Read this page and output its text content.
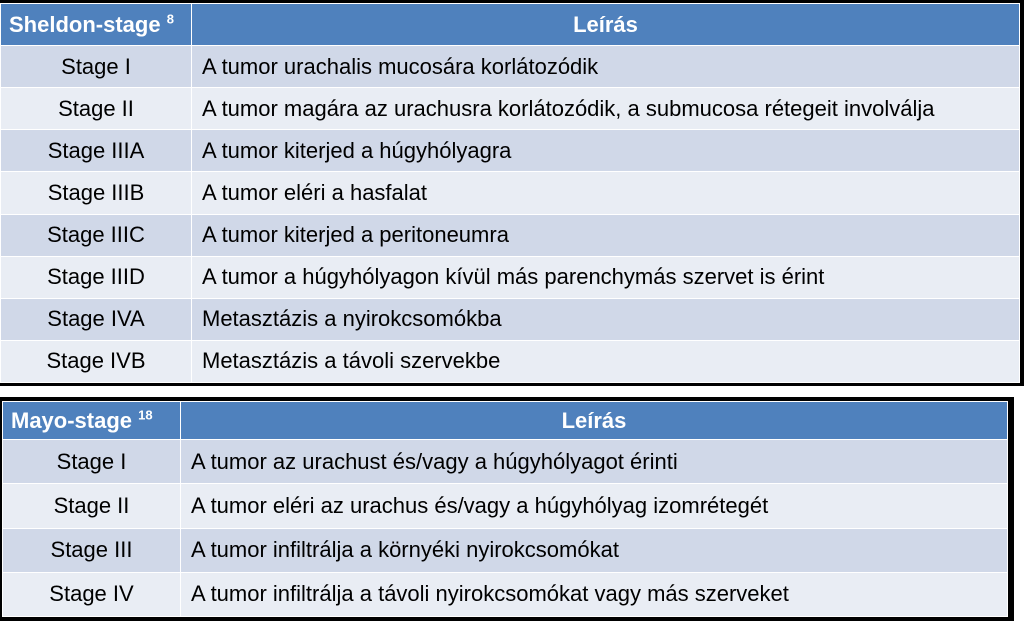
Sheldon-stage $^8$	Leírás
Stage I	A tumor urachalis mucosára korlátozódik
Stage II	A tumor magára az urachusra korlátozódik, a submucosa rétegeit involválja
Stage IIIA	A tumor kiterjed a húgyhólyagra
Stage IIIB	A tumor eléri a hasfalat
Stage IIIC	A tumor kiterjed a peritoneumra
Stage IIID	A tumor a húgyhólyagon kívül más parenchymás szervet is érint
Stage IVA	Metasztázis a nyirokcsomókba
Stage IVB	Metasztázis a távoli szervekbe
Mayo-stage $^{18}$	Leírás
Stage I	A tumor az urachust és/vagy a húgyhólyagot érinti
Stage II	A tumor eléri az urachus és/vagy a húgyhólyag izomrétegét
Stage III	A tumor infiltrálja a környéki nyirokcsomókat
Stage IV	A tumor infiltrálja a távoli nyirokcsomókat vagy más szerveket
